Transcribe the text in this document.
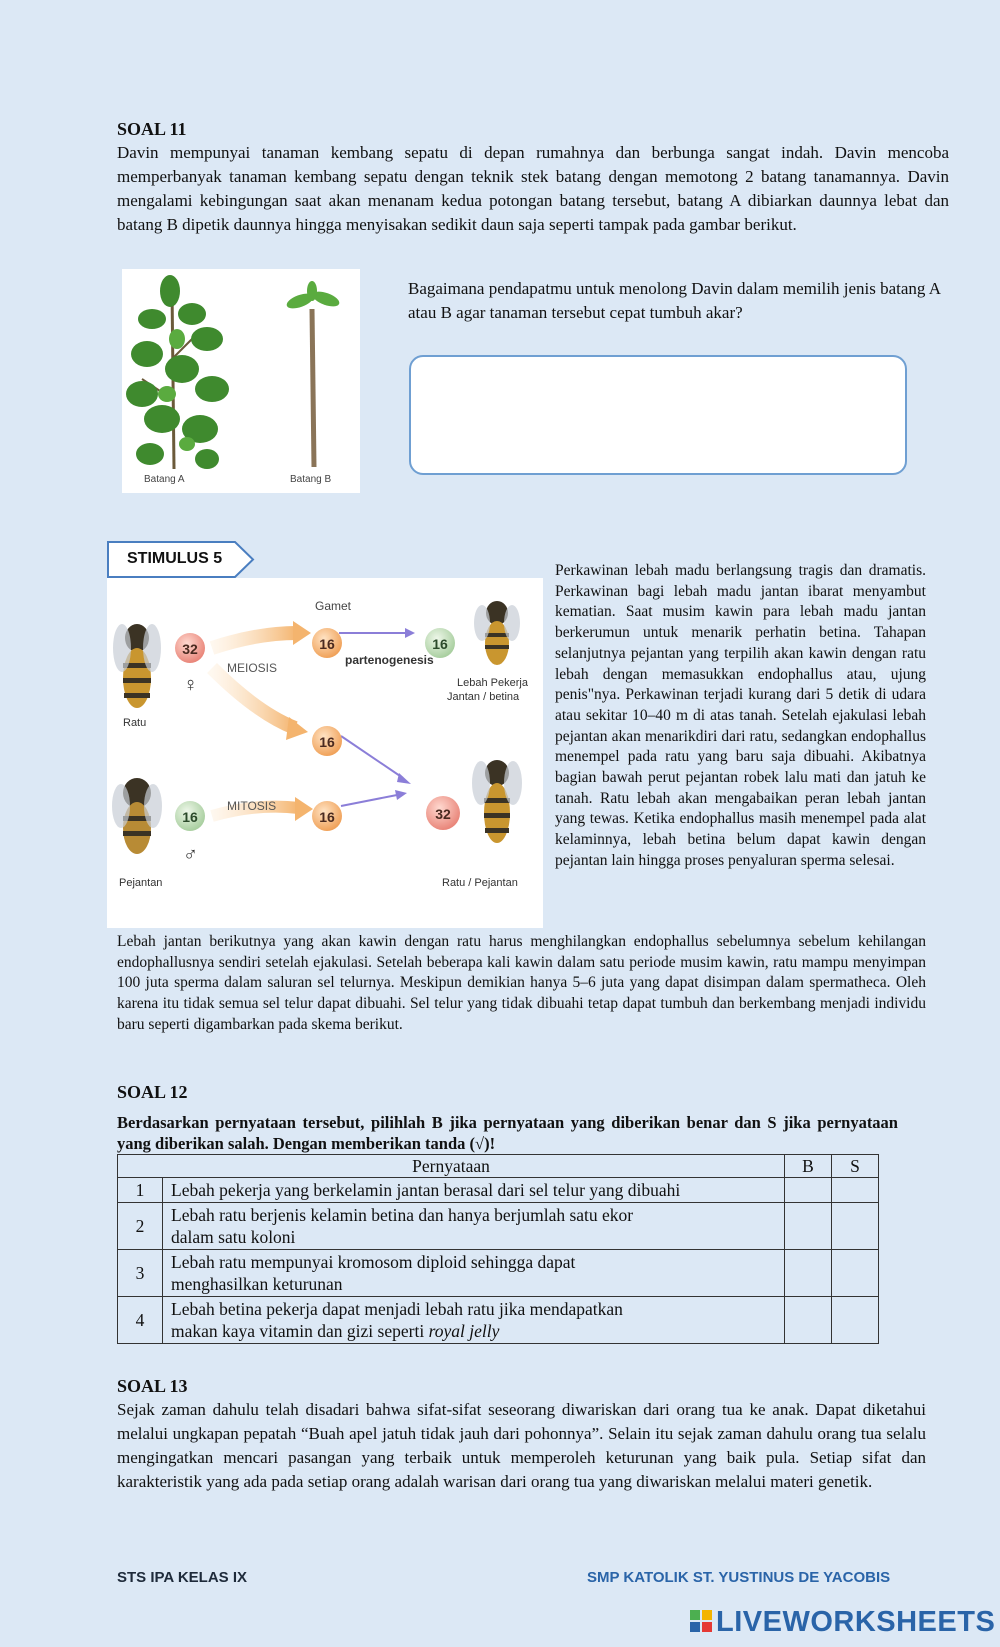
SOAL 11
Davin mempunyai tanaman kembang sepatu di depan rumahnya dan berbunga sangat indah. Davin mencoba memperbanyak tanaman kembang sepatu dengan teknik stek batang dengan memotong 2 batang tanamannya. Davin mengalami kebingungan saat akan menanam kedua potongan batang tersebut, batang A dibiarkan daunnya lebat dan batang B dipetik daunnya hingga menyisakan sedikit daun saja seperti tampak pada gambar berikut.
Batang A	Batang B
Bagaimana pendapatmu untuk menolong Davin dalam memilih jenis batang A atau B agar tanaman tersebut cepat tumbuh akar?
STIMULUS 5
32	16
16
16
16
16	32
Gamet
MEIOSIS
MITOSIS
partenogenesis
♀
♂
Ratu
Pejantan
Lebah Pekerja
Jantan / betina
Ratu / Pejantan
Perkawinan lebah madu berlangsung tragis dan dramatis. Perkawinan bagi lebah madu jantan ibarat menyambut kematian. Saat musim kawin para lebah madu jantan berkerumun untuk menarik perhatin betina. Tahapan selanjutnya pejantan yang terpilih akan kawin dengan ratu lebah dengan memasukkan endophallus atau, ujung penis"nya. Perkawinan terjadi kurang dari 5 detik di udara atau sekitar 10–40 m di atas tanah. Setelah ejakulasi lebah pejantan akan menarikdiri dari ratu, sedangkan endophallus menempel pada ratu yang baru saja dibuahi. Akibatnya bagian bawah perut pejantan robek lalu mati dan jatuh ke tanah. Ratu lebah akan mengabaikan peran lebah jantan yang tewas. Ketika endophallus masih menempel pada alat kelaminnya, lebah betina belum dapat kawin dengan pejantan lain hingga proses penyaluran sperma selesai.
Lebah jantan berikutnya yang akan kawin dengan ratu harus menghilangkan endophallus sebelumnya sebelum kehilangan endophallusnya sendiri setelah ejakulasi. Setelah beberapa kali kawin dalam satu periode musim kawin, ratu mampu menyimpan 100 juta sperma dalam saluran sel telurnya. Meskipun demikian hanya 5–6 juta yang dapat disimpan dalam spermatheca. Oleh karena itu tidak semua sel telur dapat dibuahi. Sel telur yang tidak dibuahi tetap dapat tumbuh dan berkembang menjadi individu baru seperti digambarkan pada skema berikut.
SOAL 12
Berdasarkan pernyataan tersebut, pilihlah B jika pernyataan yang diberikan benar dan S jika pernyataan yang diberikan salah. Dengan memberikan tanda (√)!
Pernyataan		B	S
1	Lebah pekerja yang berkelamin jantan berasal dari sel telur yang dibuahi		
2	Lebah ratu berjenis kelamin betina dan hanya berjumlah satu ekor dalam satu koloni		
3	Lebah ratu mempunyai kromosom diploid sehingga dapat menghasilkan keturunan		
4	Lebah betina pekerja dapat menjadi lebah ratu jika mendapatkan makan kaya vitamin dan gizi seperti royal jelly		
SOAL 13
Sejak zaman dahulu telah disadari bahwa sifat-sifat seseorang diwariskan dari orang tua ke anak. Dapat diketahui melalui ungkapan pepatah “Buah apel jatuh tidak jauh dari pohonnya”. Selain itu sejak zaman dahulu orang tua selalu mengingatkan mencari pasangan yang terbaik untuk memperoleh keturunan yang baik pula. Setiap sifat dan karakteristik yang ada pada setiap orang adalah warisan dari orang tua yang diwariskan melalui materi genetik.
STS IPA KELAS IX	SMP KATOLIK ST. YUSTINUS DE YACOBIS
LIVEWORKSHEETS
